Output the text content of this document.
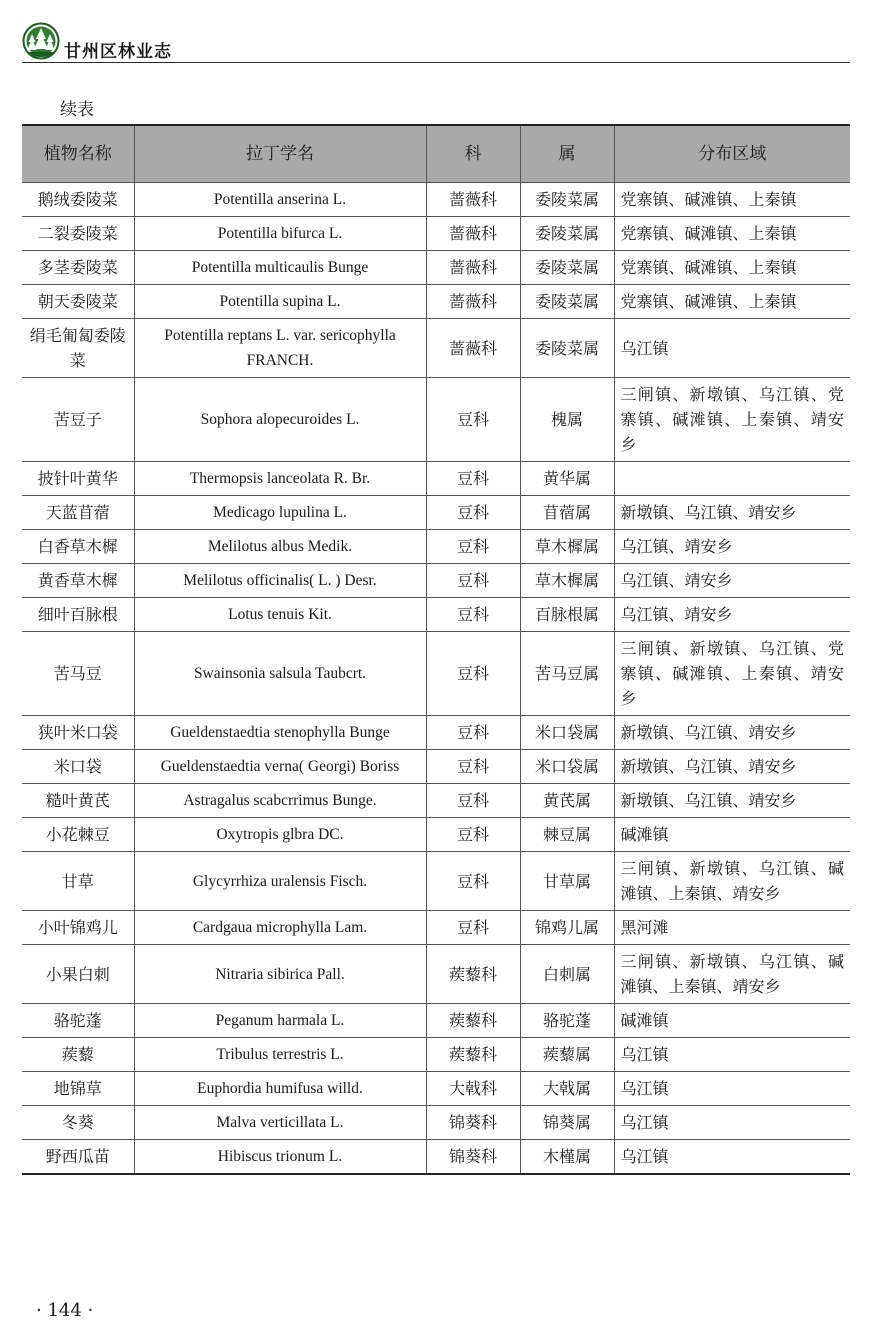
甘州区林业志
续表
植物名称	拉丁学名	科	属	分布区域
鹅绒委陵菜	Potentilla anserina L.	蔷薇科	委陵菜属	党寨镇、碱滩镇、上秦镇
二裂委陵菜	Potentilla bifurca L.	蔷薇科	委陵菜属	党寨镇、碱滩镇、上秦镇
多茎委陵菜	Potentilla multicaulis Bunge	蔷薇科	委陵菜属	党寨镇、碱滩镇、上秦镇
朝天委陵菜	Potentilla supina L.	蔷薇科	委陵菜属	党寨镇、碱滩镇、上秦镇
绢毛匍匐委陵菜	Potentilla reptans L. var. sericophylla FRANCH.	蔷薇科	委陵菜属	乌江镇
苦豆子	Sophora alopecuroides L.	豆科	槐属	三闸镇、新墩镇、乌江镇、党寨镇、碱滩镇、上秦镇、靖安乡
披针叶黄华	Thermopsis lanceolata R. Br.	豆科	黄华属	
天蓝苜蓿	Medicago lupulina L.	豆科	苜蓿属	新墩镇、乌江镇、靖安乡
白香草木樨	Melilotus albus Medik.	豆科	草木樨属	乌江镇、靖安乡
黄香草木樨	Melilotus officinalis( L. ) Desr.	豆科	草木樨属	乌江镇、靖安乡
细叶百脉根	Lotus tenuis Kit.	豆科	百脉根属	乌江镇、靖安乡
苦马豆	Swainsonia salsula Taubcrt.	豆科	苦马豆属	三闸镇、新墩镇、乌江镇、党寨镇、碱滩镇、上秦镇、靖安乡
狭叶米口袋	Gueldenstaedtia stenophylla Bunge	豆科	米口袋属	新墩镇、乌江镇、靖安乡
米口袋	Gueldenstaedtia verna( Georgi) Boriss	豆科	米口袋属	新墩镇、乌江镇、靖安乡
糙叶黄芪	Astragalus scabcrrimus Bunge.	豆科	黄芪属	新墩镇、乌江镇、靖安乡
小花棘豆	Oxytropis glbra DC.	豆科	棘豆属	碱滩镇
甘草	Glycyrrhiza uralensis Fisch.	豆科	甘草属	三闸镇、新墩镇、乌江镇、碱滩镇、上秦镇、靖安乡
小叶锦鸡儿	Cardgaua microphylla Lam.	豆科	锦鸡儿属	黑河滩
小果白刺	Nitraria sibirica Pall.	蒺藜科	白刺属	三闸镇、新墩镇、乌江镇、碱滩镇、上秦镇、靖安乡
骆驼蓬	Peganum harmala L.	蒺藜科	骆驼蓬	碱滩镇
蒺藜	Tribulus terrestris L.	蒺藜科	蒺藜属	乌江镇
地锦草	Euphordia humifusa willd.	大戟科	大戟属	乌江镇
冬葵	Malva verticillata L.	锦葵科	锦葵属	乌江镇
野西瓜苗	Hibiscus trionum L.	锦葵科	木槿属	乌江镇
· 144 ·
